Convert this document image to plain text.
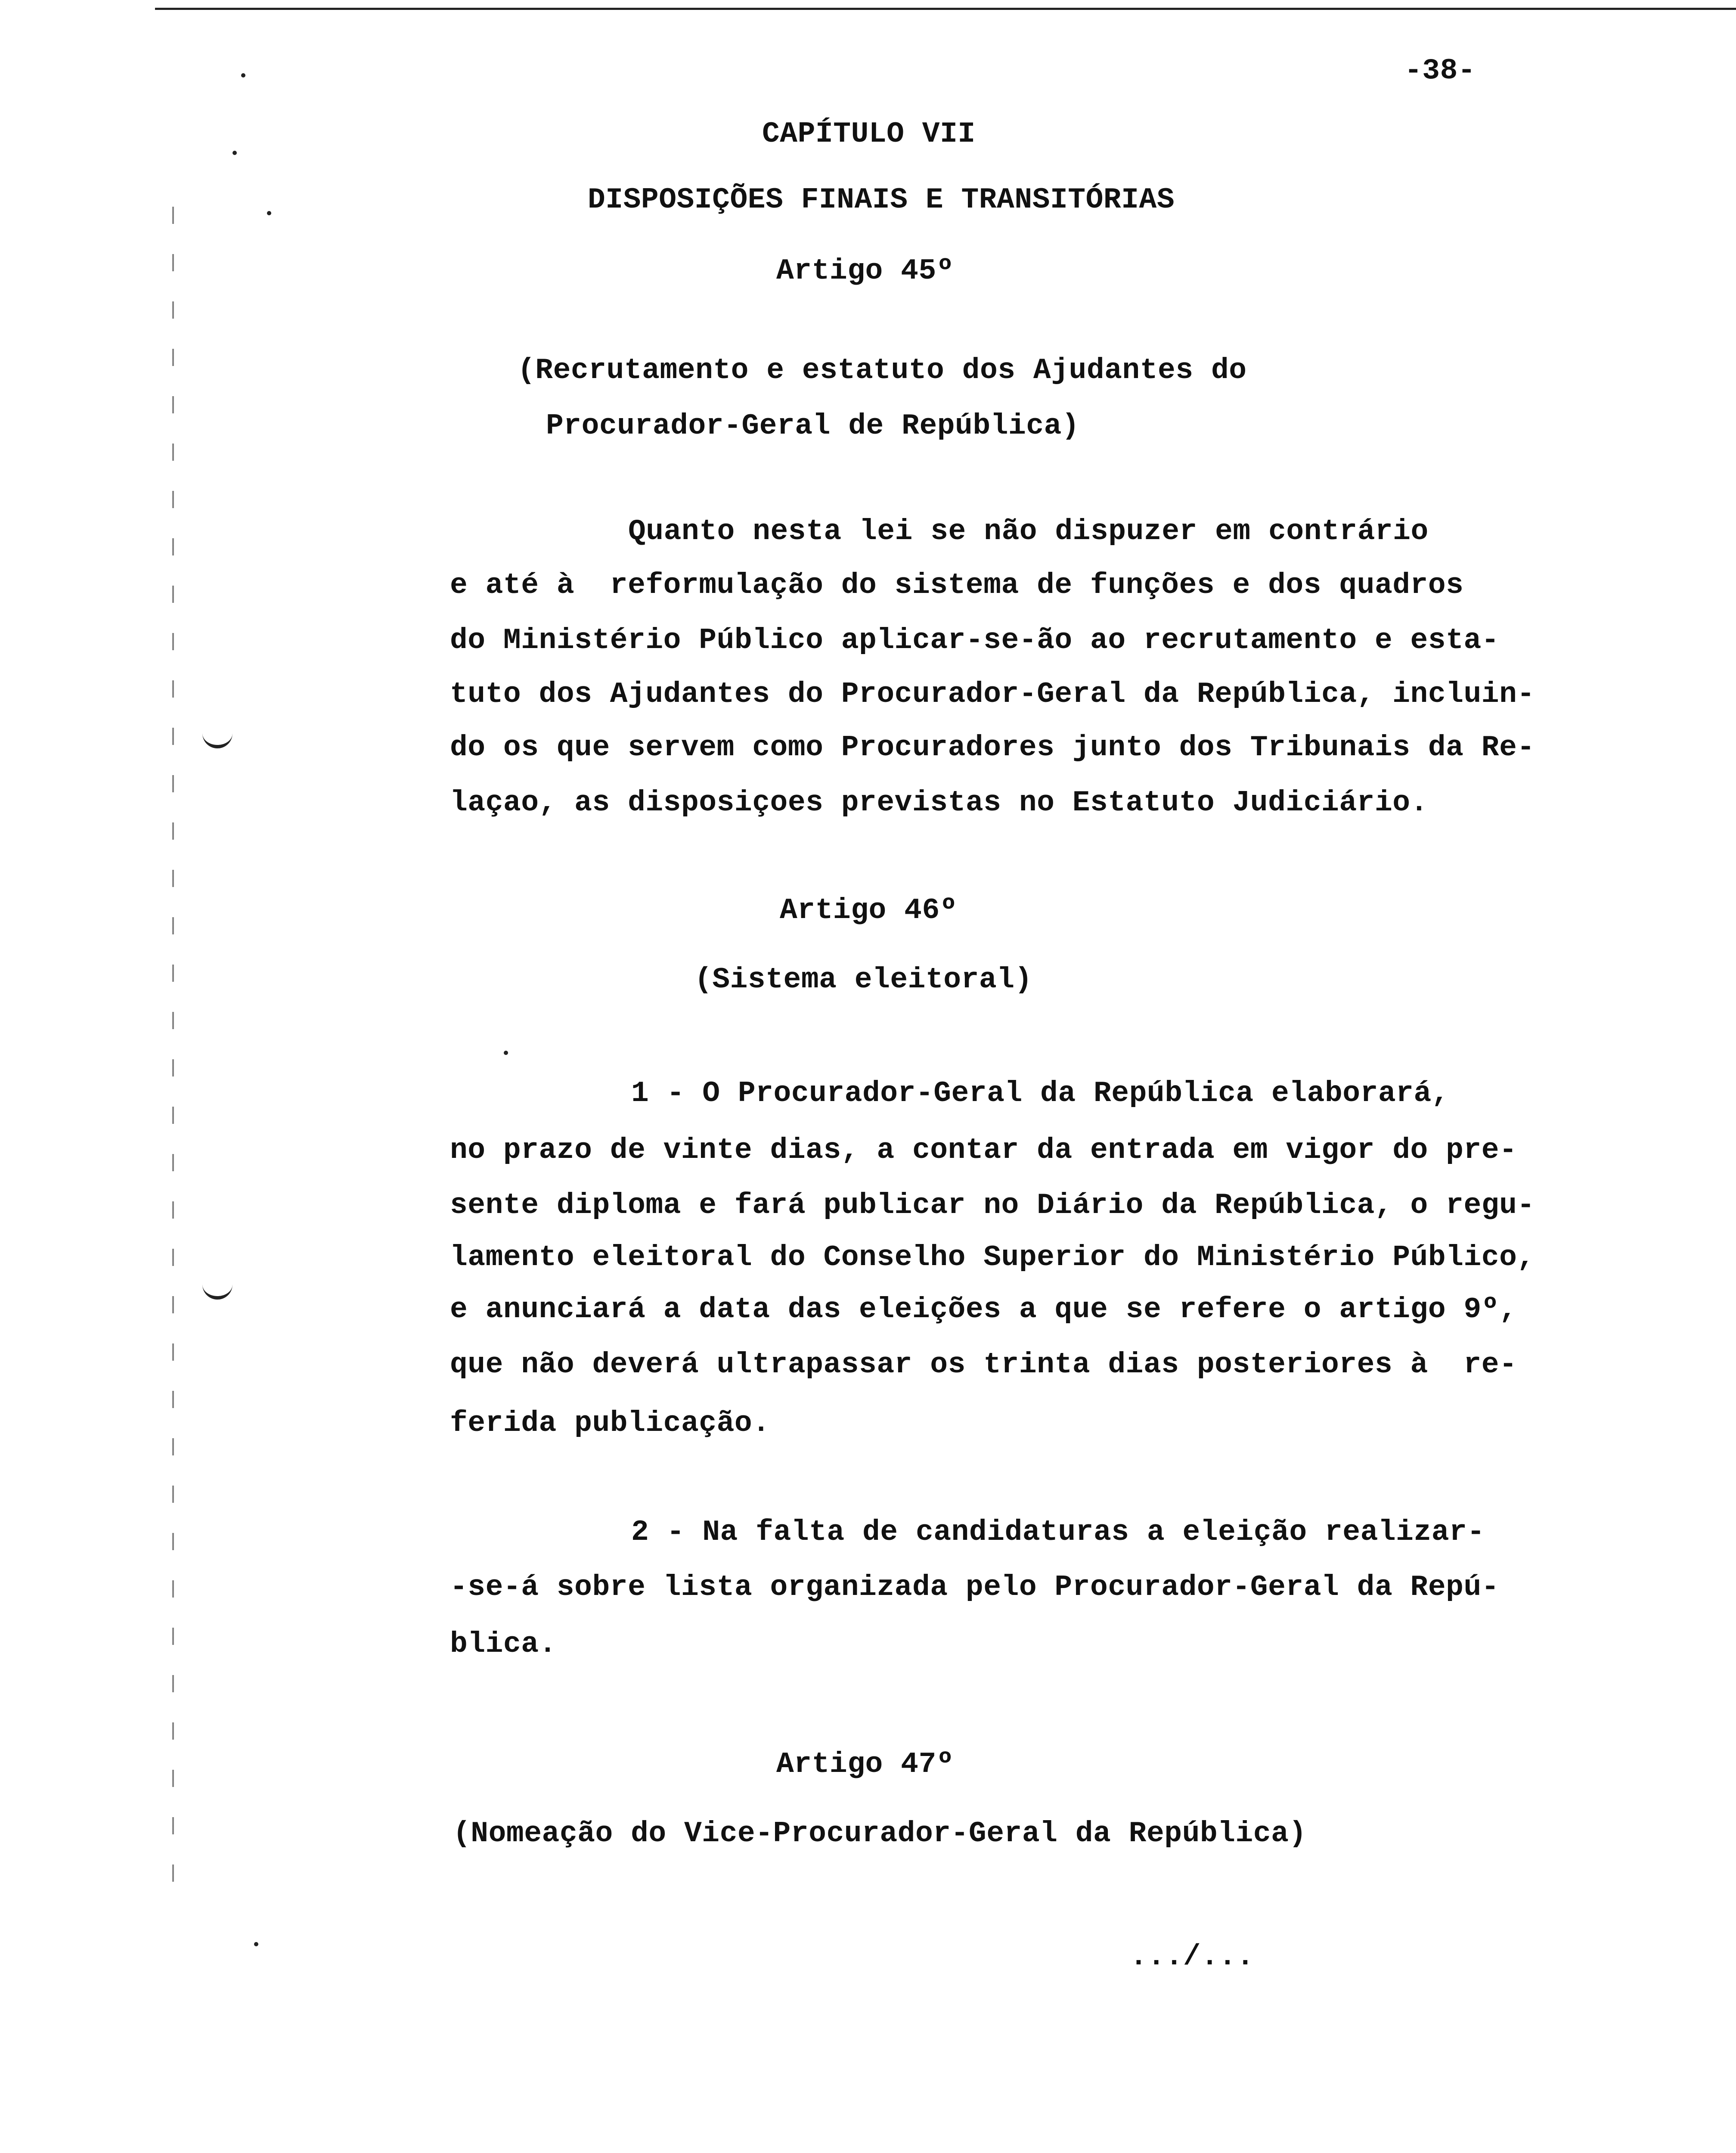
-38-
CAPÍTULO VII
DISPOSIÇÕES FINAIS E TRANSITÓRIAS
Artigo 45º
(Recrutamento e estatuto dos Ajudantes do
Procurador-Geral de República)
Quanto nesta lei se não dispuzer em contrário
e até à  reformulação do sistema de funções e dos quadros
do Ministério Público aplicar-se-ão ao recrutamento e esta-
tuto dos Ajudantes do Procurador-Geral da República, incluin-
do os que servem como Procuradores junto dos Tribunais da Re-
laçao, as disposiçoes previstas no Estatuto Judiciário.
Artigo 46º
(Sistema eleitoral)
1 - O Procurador-Geral da República elaborará,
no prazo de vinte dias, a contar da entrada em vigor do pre-
sente diploma e fará publicar no Diário da República, o regu-
lamento eleitoral do Conselho Superior do Ministério Público,
e anunciará a data das eleições a que se refere o artigo 9º,
que não deverá ultrapassar os trinta dias posteriores à  re-
ferida publicação.
2 - Na falta de candidaturas a eleição realizar-
-se-á sobre lista organizada pelo Procurador-Geral da Repú-
blica.
Artigo 47º
(Nomeação do Vice-Procurador-Geral da República)
.../...
